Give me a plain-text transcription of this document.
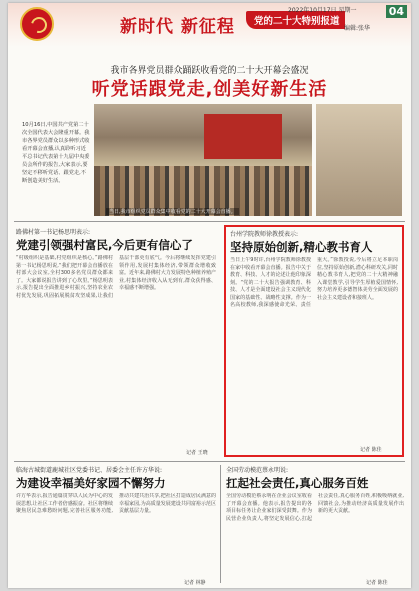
新时代 新征程	党的二十大特别报道
2022年10月17日 星期一
编辑:张华
04
我市各界党员群众踊跃收看党的二十大开幕会盛况
听党话跟党走,创美好新生活
10月16日,中国共产党第二十次全国代表大会隆重开幕。我市各界党员群众以多种形式收看开幕会直播,认真聆听习近平总书记代表第十九届中央委员会所作的报告,大家表示,要坚定不移听党话、跟党走,不断创造美好生活。
当日,我市组织党员群众集中收看党的二十大开幕会直播。
路佛村第一书记杨思明表示:
党建引领强村富民,今后更有信心了
“村级组织是基础,村党组织是核心。”路佛村第一书记杨思明说,“我们把开幕会直播放在村部大会议室,全村300多名党员群众都来了。大家都说报告讲到了心坎里。”杨思明表示,报告提出全面推进乡村振兴,坚持农业农村优先发展,巩固拓展脱贫攻坚成果,让我们基层干部更有底气。今后将继续发挥党建引领作用,发展村集体经济,带领群众增收致富。近年来,路佛村大力发展特色种植养殖产业,村集体经济收入从无到有,群众获得感、幸福感不断增强。
记者 王晓
台州学院教师徐教授表示:
坚持原始创新,精心教书育人
当日上午9时许,台州学院教师徐教授在家中收看开幕会直播。报告中关于教育、科技、人才的论述让他印象深刻。“党的二十大报告强调教育、科技、人才是全面建设社会主义现代化国家的基础性、战略性支撑。作为一名高校教师,我深感使命光荣、责任重大。”徐教授说,今后将立足本职岗位,坚持原始创新,潜心科研攻关,同时精心教书育人,把党的二十大精神融入课堂教学,引导学生厚植爱国情怀,努力培养更多德智体美劳全面发展的社会主义建设者和接班人。
记者 陈佳
临海古城街道鹿城社区党委书记、居委会主任许方华说:
为建设幸福美好家园不懈努力
许方华表示,报告通篇贯穿以人民为中心的发展思想,让社区工作者倍感振奋。社区将继续聚焦居民急难愁盼问题,完善社区服务功能,推动共建共治共享,把社区打造成居民满意的幸福家园,为高质量发展建设共同富裕示范区贡献基层力量。
记者 林静
全国劳动模范蔡永明说:
扛起社会责任,真心服务百姓
全国劳动模范蔡永明在企业会议室收看了开幕会直播。他表示,报告提出的各项目标任务让企业家们深受鼓舞。作为民营企业负责人,将坚定发展信心,扛起社会责任,真心服务百姓,积极吸纳就业,回馈社会,为推动经济高质量发展作出新的更大贡献。
记者 陈佳
